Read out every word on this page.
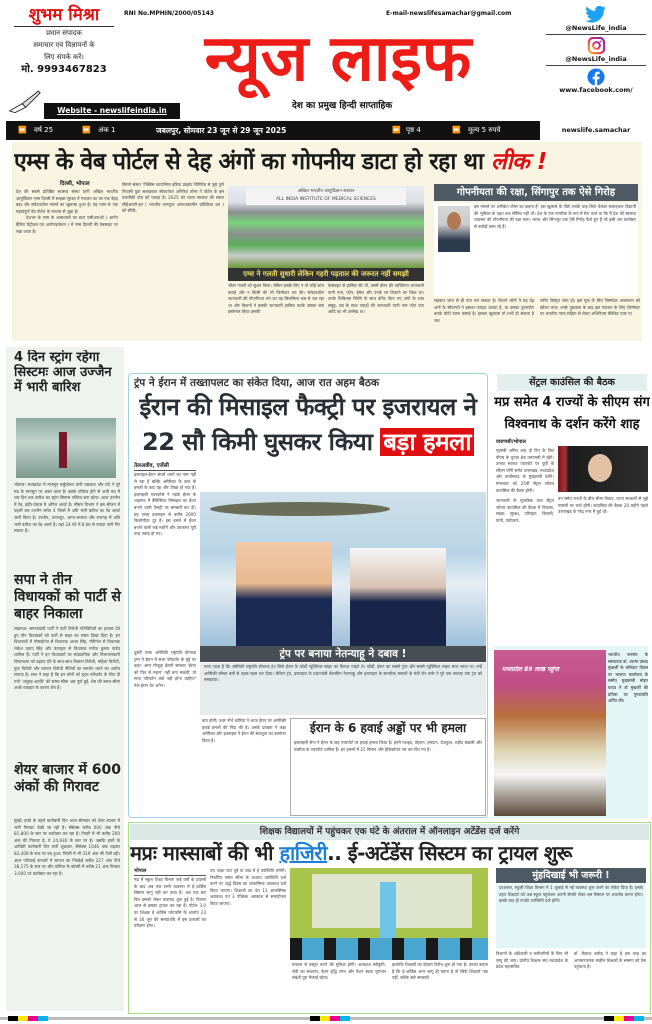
शुभम मिश्रा
प्रधान संपादक
समाचार एवं विज्ञापनों के
लिए संपर्क करें।
मो. 9993467823
Website - newslifeindia.in
RNI No.MPHIN/2000/05143	E-mail-newslifesamachar@gmail.com
न्यूज लाइफ
देश का प्रमुख हिन्दी साप्ताहिक
@NewsLife_india
@NewsLife_india
www.facebook.com/
newslife.samachar
⏩ वर्ष 25	⏩ अंक 1	जबलपुर, सोमवार 23 जून से 29 जून 2025	⏩ पृष्ठ 4	⏩ मूल्य 5 रुपये
एम्स के वेब पोर्टल से देह अंगों का गोपनीय डाटा हो रहा था लीक !
दिल्ली, भोपाल

देश की सबसे प्रतिष्ठित स्वास्थ्य संस्था यानी अखिल भारतीय आयुर्विज्ञान एम्स दिल्ली में साइबर सुरक्षा में गफलत का का एक बेहद बड़ा और संवेदनशील मामले का खुलासा हुआ है। यह एम्स के एक महत्वपूर्ण वेब पोर्टल के माध्यम से जुड़ा है।

देशभर के एम्स के अस्पतालों का डाटा एसीआरओ ( आर्गन बैंकिंग रिट्रीवल एवं आर्गनाइजेशन ) में एम्स दिल्ली की वेबसाइट पर रखा जाता है।

सिराने संस्था 'नेक्सिस काउन्सिल इंडिया प्राइवेट लिमिटेड से जुड़े पुणे निवासी युवा सलाहकार सोफ्टवेयर अनिकेत तोमर ने पोर्टल के इस तकनीकी दोष को पकड़ा है। 2025 को भारत सरकार की संस्था सीईआरटी-इन ( भारतीय कम्प्यूटर आपातकालीन प्रतिक्रिया दल ) को सौंपी।
अखिल भारतीय आयुर्विज्ञान संस्थान
ALL INDIA INSTITUTE OF MEDICAL SCIENCES
एम्स ने गलती सुधारी लेकिन गहरी पड़ताल की जरूरत नहीं समझी
भीतर गलती को सुधार लिया। लेकिन इसके लिए न तो कोई जांच कराई और न किसी की भी जिम्मेदार तय की। संवेदनशील जानकारी की गोपनीयता भंग का यह सिलसिला कब से चल रहा था और कितनों ने इसकी जानकारी हासिल करके उसका क्या इस्तेमाल किया इसकी
वेबसाइट से हासिल की थी, उसमें डोनर की व्यक्तिगत जानकारी यानी नाम, फोन, ईमेल और उनके घर ठिकाने का जिक्र था। उनके चिकित्सा स्थिति के साथ डोनेट किए गए अंगों के रक्त समूह, उम्र के साथ गवाहों की जानकारी यानी नाम फोन पता आदि का भी उल्लेख था।
गोपनीयता की रक्षा, सिंगापुर तक ऐसे गिरोह
इस मामले पर अनिकेत तोमर का कहना है- इस खुलासे के पीछे उनकी चाह सिर्फ पेशेवर सलाहकार विद्यार्थी की भूमिका के तहत तक सीमित नहीं थी। देश के एक नागरिक के रूप में मेरा फर्ज था कि मैं देश की स्वास्थ्य व्यवस्था की गोपनीयता की रक्षा करूं। भारत और सिंगापुर तक ऐसे गिरोह फैले हुए हैं जो इसी अंग कारोबार से करोड़ों कमा रहे हैं।
सहकार जांच से ही पता लग सकता है। कितने लोगों ने यह देह अंगों के सौदागरों ने इसका फायदा उठाया है, या उसका दुरुपयोग करके मोटी रकम कमाई है। इसका खुलासा तो तभी हो सकता है जब
जरिए विस्तृत जांच हो। इस चूक के लिए जिम्मेदार अफसरान को खोजा जाए। उनसे पूछताछ के बाद इस गफलत के लिए जिम्मेदार पर भारतीय न्याय संहिता से लेकर अधिनियम मेडिकेट एक्ट या
4 दिन स्ट्रांग रहेगा सिस्टमः आज उज्जैन में भारी बारिश
भोपाल। मध्यप्रदेश में मानसून सर्कुलेशन यानी चक्रवात और टर्फ ने पूरे मप्र के मानसून पर असर डाला है। इसके एक्टिव होने से अभी मप्र में चार दिन तक बारिश का स्ट्रांग सिस्टम एक्टिव बना रहेगा। आज उज्जैन में रेड, इंदौर-देवास में ऑरेंज अलर्ट है। मौसम विभाग ने इस सीजन में पहली बार उज्जैन समेत 4 जिलों में अति भारी बारिश का रेड अलर्ट जारी किया है। उज्जैन, शाजापुर, आगर-मालवा और राजगढ़ में अति भारी बारिश का रेड अलर्ट है। यहां 24 घंटे में 8 इंच से ज्यादा पानी गिर सकता है।
सपा ने तीन विधायकों को पार्टी से बाहर निकाला
लखनऊ। समाजवादी पार्टी ने पार्टी विरोधी गतिविधियों का हवाला देते हुए तीन विधायकों को पार्टी से बाहर का रास्ता दिखा दिया है। इन विधायकों में गोसाईगंज से विधायक अभय सिंह, गौरीगंज से विधायक राकेश प्रताप सिंह और ऊंचाहार से विधायक मनोज कुमार पांडेय शामिल हैं। पार्टी ने इन विधायकों पर सांप्रदायिक और विभाजनकारी विचारधारा को बढ़ावा देने के साथ-साथ किसान विरोधी, महिला विरोधी, युवा विरोधी और व्यापार विरोधी नीतियों का समर्थन करने का आरोप लगाया है। सपा ने कहा है कि इन लोगों को हृदय परिवर्तन के लिए दी गयी 'अनुग्रह-अवधि' की समय-सीमा अब पूर्ण हुई, शेष की समय-सीमा अच्छे व्यवहार के कारण शेष है।
शेयर बाजार में 600 अंकों की गिरावट
मुंबई। हफ्ते के पहले कारोबारी दिन आज सोमवार को शेयर बाजार में भारी गिरावट देखी जा रही है। सेंसेक्स करीब 600 अंक नीचे 81,800 के स्तर पर कारोबार कर रहा है। निफ्टी में भी करीब 200 अंक की गिरावट है, ये 24,930 के स्तर पर है। जबकि हफ्ते के आखिरी कारोबारी दिन यानी शुक्रवार, सेंसेक्स 1046 अंक चढ़कर 82,408 के स्तर पर बंद हुआ। निफ्टी में भी 319 अंक की तेजी रही। आज एशियाई बाजारों में जापान का निक्केई करीब 227 अंक नीचे 38,175 के स्तर पर और कोरिया के कोस्पी में करीब 21 अंक गिरकर 3,000 पर कारोबार कर रहा है।
ट्रंप ने ईरान में तख्तापलट का संकेत दिया, आज रात अहम बैठक
ईरान की मिसाइल फैक्ट्री पर इजरायल ने
22 सौ किमी घुसकर किया बड़ा हमला
तेलअवीव, एजेंसी
इजराइल-ईरान संघर्ष थमने का नाम नहीं ले रहा है बल्कि अमेरिका के कल के हमलों के बाद यह और तीखा हो गया है। इजराइली एयरफोर्स ने तड़के ईरान के शाहरूद में बैलिस्टिक मिसाइल का ईंधन बनाने वाली फैक्ट्री पर बमबारी कर दी। यह जगह इजराइल से करीब 2000 किलोमीटर दूर है। इस हमले में ईंधन बनाने वाली कई मशीनें और उपकरण पूरी तरह तबाह हो गए।
ट्रंप पर बनाया नेतन्याहू ने दबाव !
माना जाता है कि अमेरिकी राष्ट्रपति डोनाल्ड ट्रंप सिर्फ ईरान के फोर्डो न्यूक्लियर साइट का विनाश चाहते थे। फोर्डो, ईरान का सबसे गुप्त और सबसे न्यूक्लियर साइट माना जाता था। उन्हें अमेरिकी बॉम्बर बमों से तहस-नहस कर दिया। लेकिन ट्रंप, इजराइल के प्रधानमंत्री बेंजामिन नेतन्याहू और इजराइल के सामरिक मामलों के मंत्री रॉन डर्मर ने पूरे एक सप्ताह तक ट्रंप को समझाया।
दूसरी तरफ अमेरिकी राष्ट्रपति डोनाल्ड ट्रम्प ने ईरान में सत्ता परिवर्तन के मुद्दे पर कहा- अगर मौजूदा ईरानी सरकार 'ईरान को फिर से महान' नहीं बना सकती, तो सत्ता परिवर्तन क्यों नहीं होना चाहिए? नेक ईरान ग्रेट अगेन।
बात होगी। उधर नॉर्थ कोरिया ने आज ईरान पर अमेरिकी हवाई हमलों की निंदा की है। उसके प्रवक्ता ने कहा अमेरिका और इजराइल ने ईरान की संप्रभुता का उल्लंघन किया है।
ईरान के 6 हवाई अड्डों पर भी हमला
इजराइली सेना ने ईरान के छह एयरपोर्ट पर हवाई हमला किया है। इनमें मशहद, तेहरान, हमदान, देजफुल, शहीद बख्तरी और तबरीज के एयरपोर्ट शामिल हैं। इन हमलों में 15 विमान और हेलिकॉप्टर नष्ट कर दिए गए हैं।
सेंट्रल काउंसिल की बैठक
मप्र समेत 4 राज्यों के सीएम संग विश्वनाथ के दर्शन करेंगे शाह
वाराणसी/भोपाल

गृहमंत्री अमित शाह दो दिन के लिए पीएम के चुनाव क्षेत्र वाराणसी में रहेंगे। उनका स्वागत एयरपोर्ट पर यूपी के सीएम योगी समेत उत्तराखंड, मध्यप्रदेश और छत्तीसगढ़ के मुख्यमंत्री करेंगे। मंगलवार को 25वीं सेंट्रल जोनल काउंसिल की बैठक होगी।

जानकारी के मुताबिक कल सेंट्रल जोनल काउंसिल की बैठक में विकास, सड़क, सुरक्षा, परिवहन, बिजली, पानी, पर्यावरण,

वन समेत राज्यों के बीच सीमा विवाद, राज्य सरकारों से जुड़े मामलों पर चर्चा होगी। कांउसिल की बैठक 20 महीने पहले उत्तराखंड के नरेंद्र नगर में हुई थी।
मध्यप्रदेश 89 लाख पहुंचा
भारतीय जनसंघ के संस्थापक डॉ. श्यामा प्रसाद मुखर्जी के बलिदान दिवस पर भाजपा कार्यालय के समीप मुख्यमंत्री मोहन यादव ने डॉ मुखर्जी की प्रतिमा पर पुष्पांजलि अर्पित की।
शिक्षक विद्यालयों में पहुंचकर एक घंटे के अंतराल में ऑनलाइन अटेंडेंस दर्ज करेंगे
मप्रः मास्साबों की भी हाजिरी.. ई-अटेंडेंस सिस्टम का ट्रायल शुरू
भोपाल
मप्र में स्कूल शिक्षा विभाग कई वर्षों के प्रयासों के बाद अब तक सभी व्यवस्था में ई-अटेंडेंस सिस्टम लागू नहीं कर पाया है। अब एक बार फिर इसको लेकर कवायद शुरू हुई है। विभाग आज से इसका ट्रायल कर रहा है। पोर्टल 3.0 पर शिक्षक ई अटेंडेंस प्लेटफॉर्म के अंतर्गत 23 से 30 जून की समयावधि में इस प्रणाली का परीक्षण होगा।
तय आधा घंटा पूर्व या बाद में ई उपस्थिति लगेगी। निर्धारित समय सीमा के पश्चात उपस्थिति दर्ज करने पर अर्द्ध दिवस का आकस्मिक अवकाश दर्ज किया जाएगा। शिक्षकों का देय 13 आकस्मिक अवकाश एवं 3 ऐच्छिक अवकाश से समायोजन किया जाएगा।
माध्यम से प्रस्तुत करने की सुविधा होगी। अवकाश स्वीकृति, लेवी का संधारण, वेतन वृद्धि लाभ और पेंशन स्वत्व भुगतान संबंधी पूरा रिकार्ड रहेगा।
हालांकि शिक्षकों का दोबारा विरोध शुरू हो गया है। उनका कहना है कि ई-अटेंडेंस अगर लागू ही करना है तो सिर्फ शिक्षकों तक नहीं, बल्कि सारे सरकारी
मुंहदिखाई भी जरूरी !
दरअसल, स्कूली शिक्षा विभाग ने 1 जुलाई से नई व्यवस्था शुरू करने का संकेत दिया है। इसके तहत शिक्षकों को अब स्कूल पहुंचकर अपनी सेल्फी लेकर इस सिस्टम पर अपलोड करना होगा। इसके बाद ही उनकी उपस्थिति दर्ज होगी।
विभागों के अधिकारी व कर्मचारियों के लिए भी लागू की जाए। प्रांतीय शिक्षक संघ मध्यप्रदेश के प्रदेश महासचिव
डॉ. कैलाश बारोड़ ने कहा है इस तरह का अपमानजनक माहौल शिक्षकों के सम्मान को ठेस पहुंचाता है।
